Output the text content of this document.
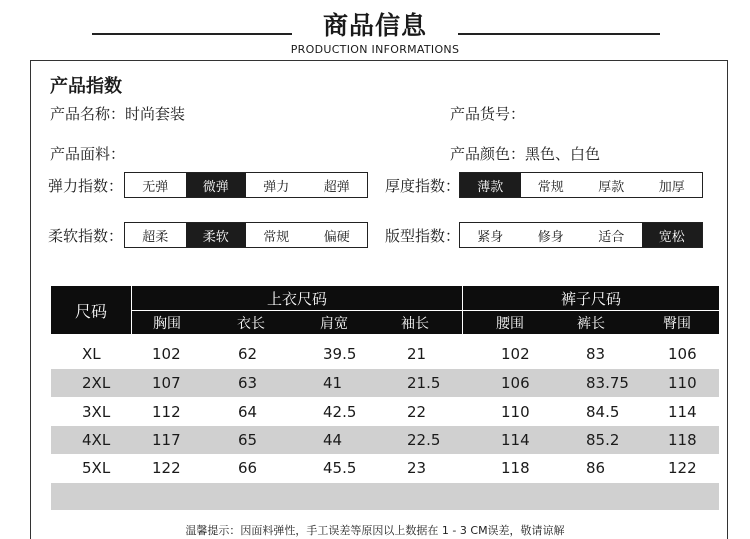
商品信息
PRODUCTION INFORMATIONS
产品指数
产品名称：时尚套装	产品货号：
产品面料：	产品颜色：黑色、白色
弹力指数：	无弹	微弹	弹力	超弹	厚度指数：	薄款	常规	厚款	加厚
柔软指数：	超柔	柔软	常规	偏硬	版型指数：	紧身	修身	适合	宽松
尺码
上衣尺码	裤子尺码
胸围	衣长	肩宽	袖长	腰围	裤长	臀围
XL	102	62	39.5	21	102	83	106
2XL	107	63	41	21.5	106	83.75	110
3XL	112	64	42.5	22	110	84.5	114
4XL	117	65	44	22.5	114	85.2	118
5XL	122	66	45.5	23	118	86	122
温馨提示：因面料弹性，手工误差等原因以上数据在 1 - 3 CM误差，敬请谅解
